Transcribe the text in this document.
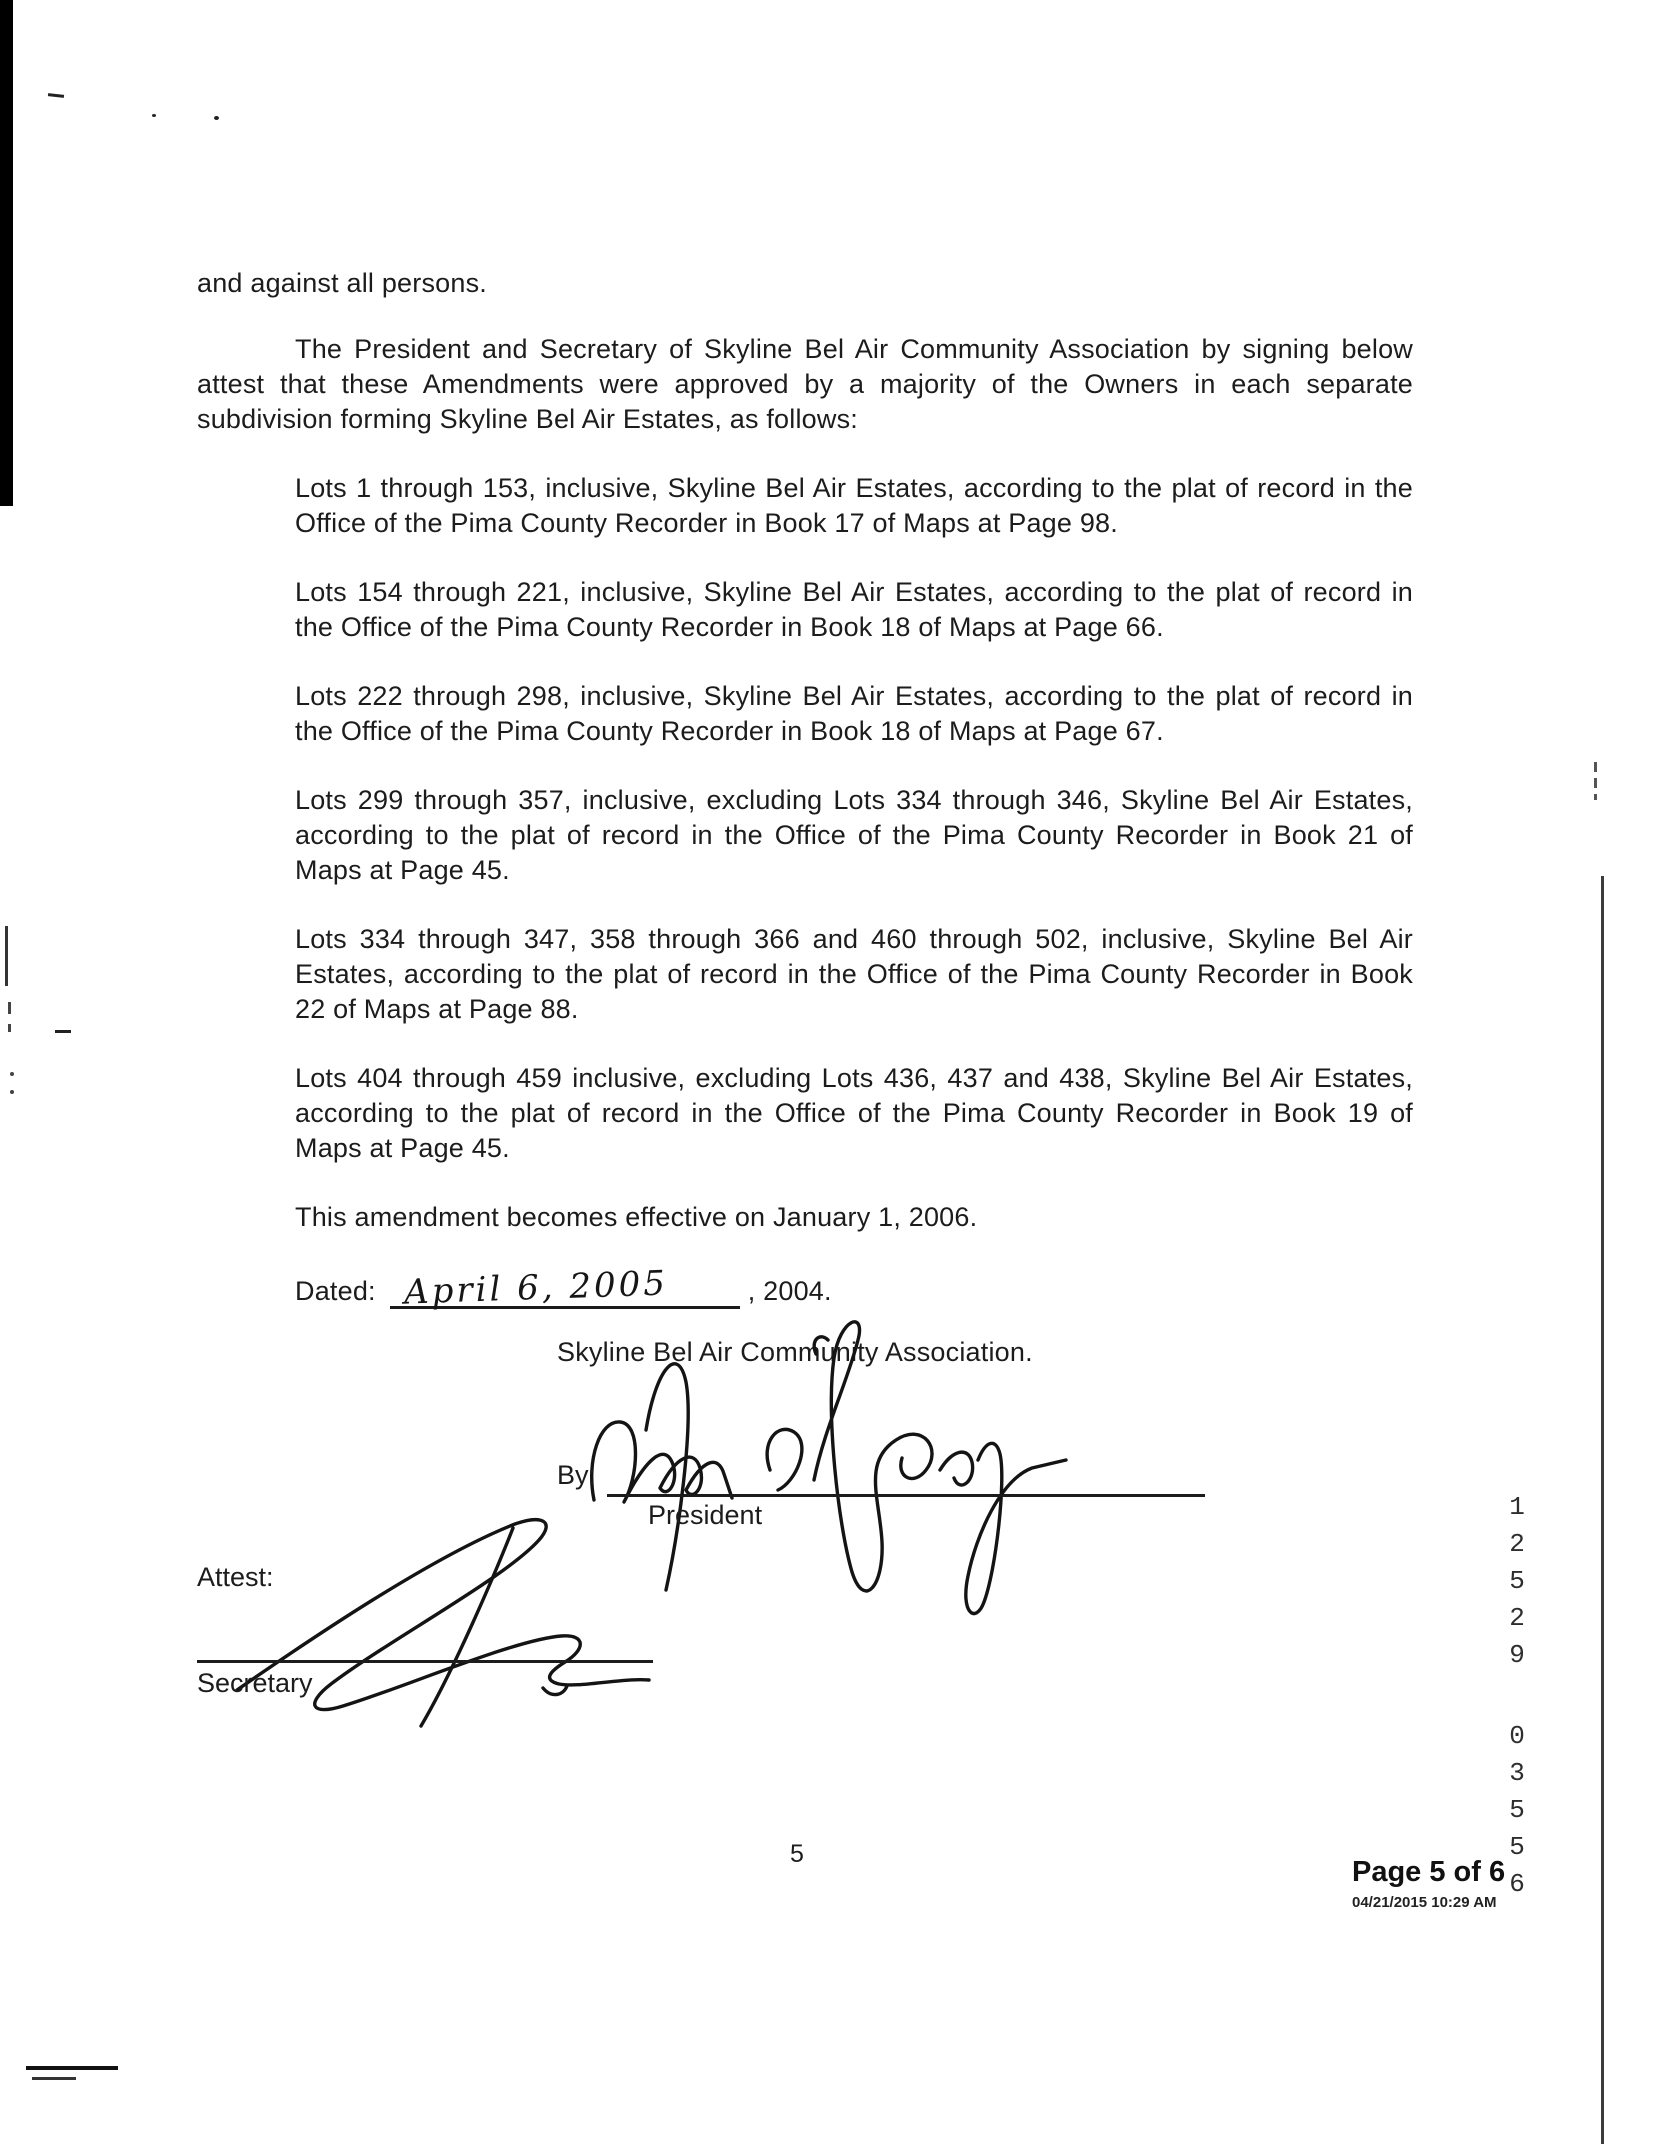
and against all persons.

The President and Secretary of Skyline Bel Air Community Association by signing below attest that these Amendments were approved by a majority of the Owners in each separate subdivision forming Skyline Bel Air Estates, as follows:

Lots 1 through 153, inclusive, Skyline Bel Air Estates, according to the plat of record in the Office of the Pima County Recorder in Book 17 of Maps at Page 98.

Lots 154 through 221, inclusive, Skyline Bel Air Estates, according to the plat of record in the Office of the Pima County Recorder in Book 18 of Maps at Page 66.

Lots 222 through 298, inclusive, Skyline Bel Air Estates, according to the plat of record in the Office of the Pima County Recorder in Book 18 of Maps at Page 67.

Lots 299 through 357, inclusive, excluding Lots 334 through 346, Skyline Bel Air Estates, according to the plat of record in the Office of the Pima County Recorder in Book 21 of Maps at Page 45.

Lots 334 through 347, 358 through 366 and 460 through 502, inclusive, Skyline Bel Air Estates, according to the plat of record in the Office of the Pima County Recorder in Book 22 of Maps at Page 88.

Lots 404 through 459 inclusive, excluding Lots 436, 437 and 438, Skyline Bel Air Estates, according to the plat of record in the Office of the Pima County Recorder in Book 19 of Maps at Page 45.

This amendment becomes effective on January 1, 2006.

Dated: April 6, 2005	, 2004.

Skyline Bel Air Community Association.

By:
President
Attest:
Secretary
12529
03556
5
Page 5 of 6
04/21/2015 10:29 AM
